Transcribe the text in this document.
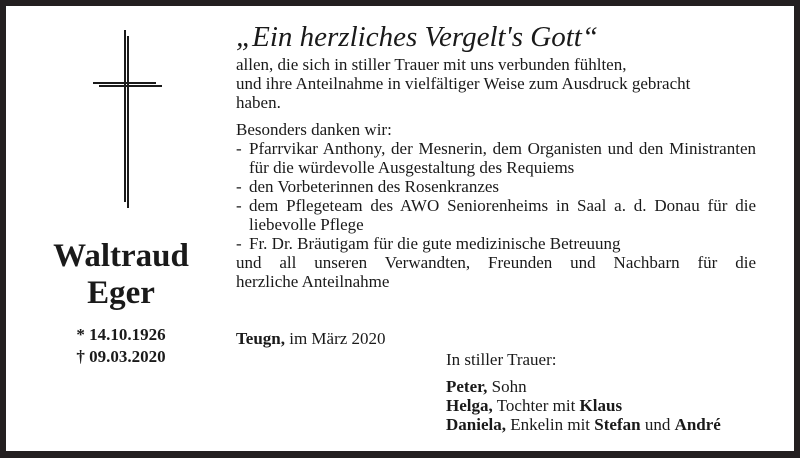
Waltraud
Eger
* 14.10.1926
† 09.03.2020
„Ein herzliches Vergelt's Gott“

allen, die sich in stiller Trauer mit uns verbunden fühlten,

und ihre Anteilnahme in vielfältiger Weise zum Ausdruck gebracht

haben.

Besonders danken wir:

- Pfarrvikar Anthony, der Mesnerin, dem Organisten und den Ministranten für die würdevolle Ausgestaltung des Requiems
- den Vorbeterinnen des Rosenkranzes
- dem Pflegeteam des AWO Seniorenheims in Saal a. d. Donau für die liebevolle Pflege
- Fr. Dr. Bräutigam für die gute medizinische Betreuung

und all unseren Verwandten, Freunden und Nachbarn für die

herzliche Anteilnahme

Teugn, im März 2020
In stiller Trauer:
Peter, Sohn
Helga, Tochter mit Klaus
Daniela, Enkelin mit Stefan und André
